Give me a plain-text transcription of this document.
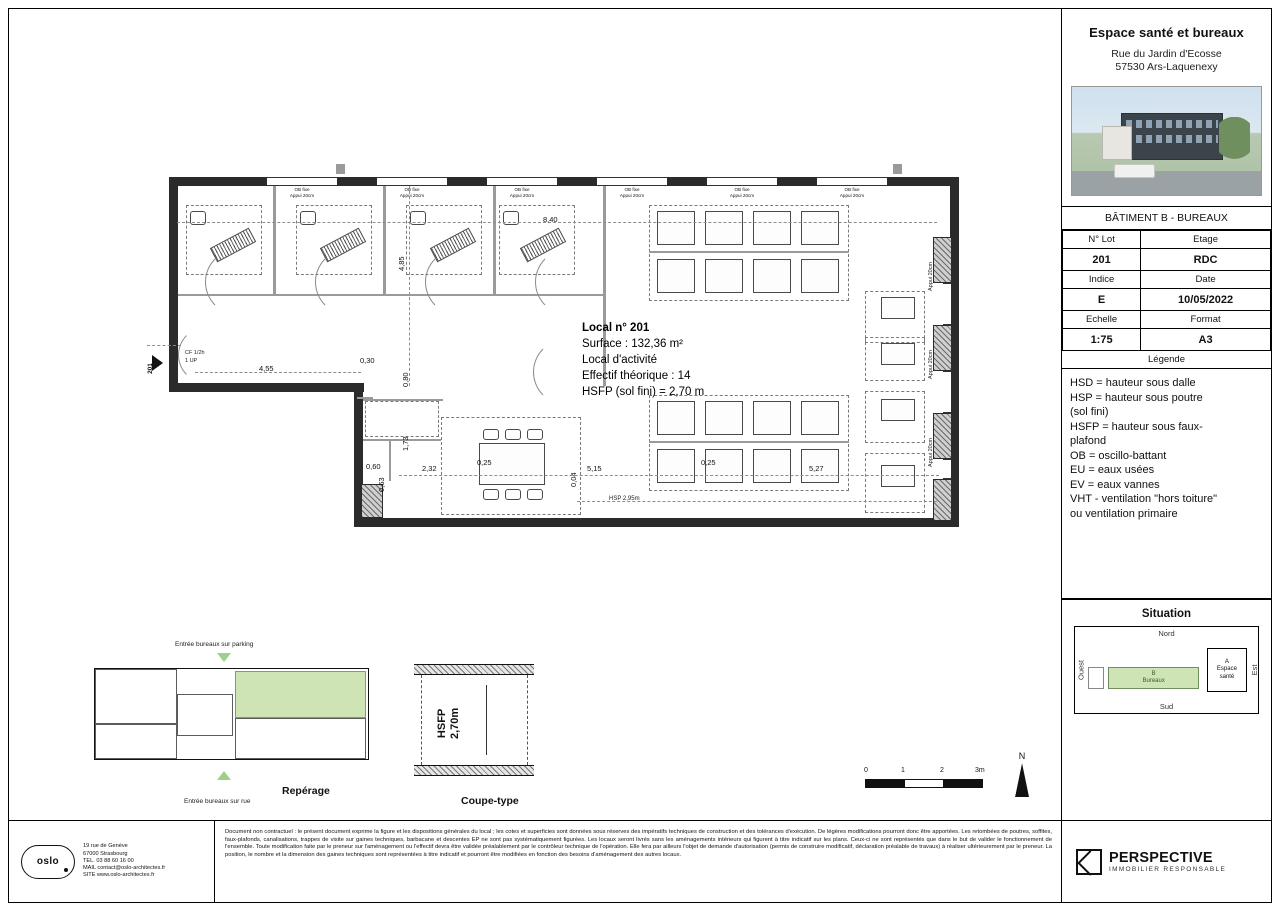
Appui 20cm
Appui 20cm
Appui 20cm
OB fixe
Appui 20cm
OB fixe
Appui 20cm
OB fixe
Appui 20cm
OB fixe
Appui 20cm
OB fixe
Appui 20cm
OB fixe
Appui 20cm
201
CF 1/2h
1 UP
8,40
4,85
4,55
0,30
0,80
1,73
0,60	2,32
0,25
5,15
0,25
5,27
0,63	0,04
HSP 2,95m
Local n° 201
Surface : 132,36 m²
Local d'activité
Effectif théorique : 14
HSFP (sol fini) = 2,70 m
Entrée bureaux sur parking
Entrée bureaux sur rue
Repérage
HSFP
2,70m
Coupe-type
0	1	2	3m
N
oslo
19 rue de Genève
67000 Strasbourg
TEL. 03 88 60 16 00
MAIL contact@oslo-architectes.fr
SITE www.oslo-architectes.fr
Document non contractuel : le présent document exprime la figure et les dispositions générales du local ; les cotes et superficies sont données sous réserves des impératifs techniques de construction et des tolérances d'exécution. De légères modifications pourront donc être apportées. Les retombées de poutres, soffites, faux-plafonds, canalisations, trappes de visite sur gaines techniques, barbacane et descentes EP ne sont pas systématiquement figurées. Les locaux seront livrés sans les aménagements intérieurs qui figurent à titre indicatif sur les plans. Ceux-ci ne sont représentés que dans le but de valider le fonctionnement de l'ensemble. Toute modification faite par le preneur sur l'aménagement ou l'effectif devra être validée préalablement par le contrôleur technique de l'opération. Elle fera par ailleurs l'objet de demande d'autorisation (permis de construire modificatif, déclaration préalable de travaux) à réaliser ultérieurement par le preneur. La position, le nombre et la dimension des gaines techniques sont représentées à titre indicatif et pourront être modifiées en fonction des besoins d'aménagement des autres locaux.	PERSPECTIVE
IMMOBILIER RESPONSABLE
Espace santé et bureaux
Rue du Jardin d'Ecosse
57530 Ars-Laquenexy
BÂTIMENT B - BUREAUX
N° Lot	Etage
201	RDC
Indice	Date
E	10/05/2022
Echelle	Format
1:75	A3
Légende
HSD = hauteur sous dalle
HSP = hauteur sous poutre
(sol fini)
HSFP = hauteur sous faux-
plafond
OB = oscillo-battant
EU = eaux usées
EV = eaux vannes
VHT - ventilation "hors toiture"
ou ventilation primaire
Situation
Nord
Sud
Ouest	Est
B
Bureaux
A
Espace
santé
